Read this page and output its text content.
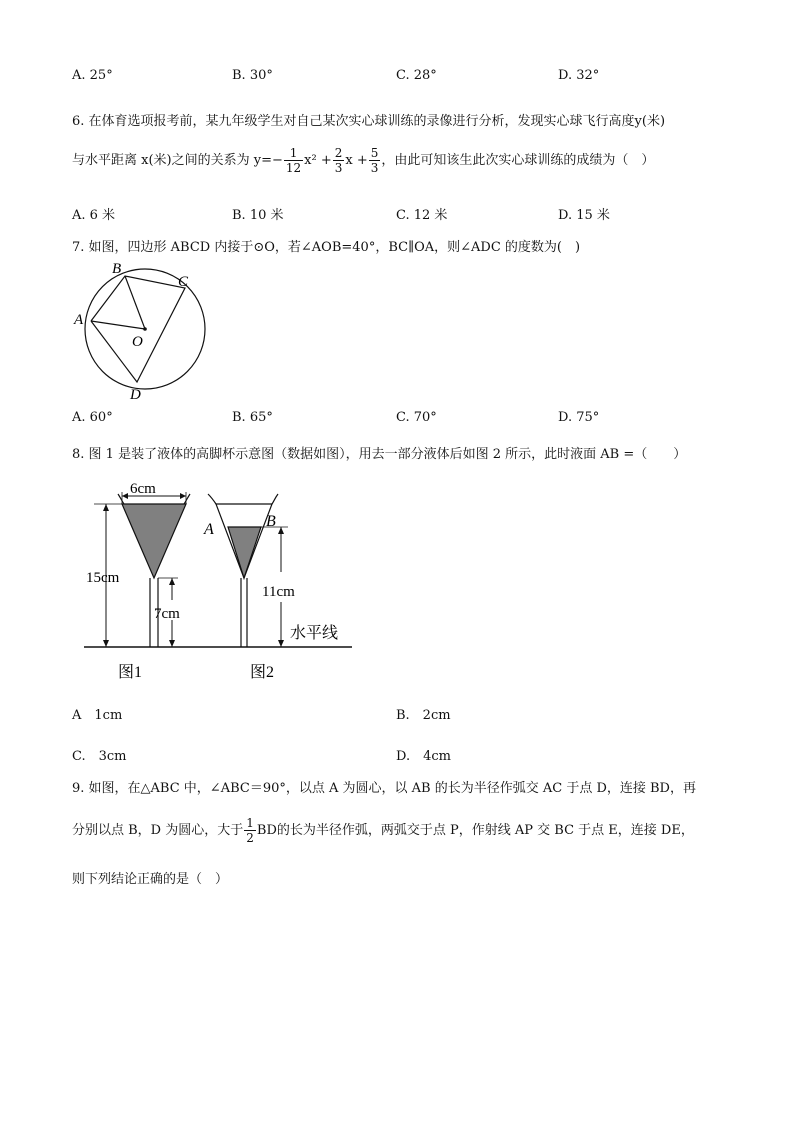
A. 25°	B. 30°	C. 28°	D. 32°
6. 在体育选项报考前，某九年级学生对自己某次实心球训练的录像进行分析，发现实心球飞行高度y(米)
与水平距离 x(米)之间的关系为 $y=- \frac{1}{12} x^2 + \frac{2}{3}$ $x + \frac{5}{3}$ ，由此可知该生此次实心球训练的成绩为（　）
A. 6 米	B. 10 米	C. 12 米	D. 15 米
7. 如图，四边形 ABCD 内接于⊙O，若∠AOB=40°，BC∥OA，则∠ADC 的度数为(　)
B
C
A
O
D
A. 60°	B. 65°	C. 70°	D. 75°
8. 图 1 是装了液体的高脚杯示意图（数据如图），用去一部分液体后如图 2 所示，此时液面 AB =（　　）
6cm
15cm
7cm
A	B
11cm
水平线
图1	图2
A　1cm	B.　2cm
C.　3cm	D.　4cm
9. 如图，在△ABC 中，∠ABC＝90°，以点 A 为圆心，以 AB 的长为半径作弧交 AC 于点 D，连接 BD，再
分别以点 B，D 为圆心，大于 $\frac{1}{2}$ BD的长为半径作弧，两弧交于点 P，作射线 AP 交 BC 于点 E，连接 DE，
则下列结论正确的是（　）
